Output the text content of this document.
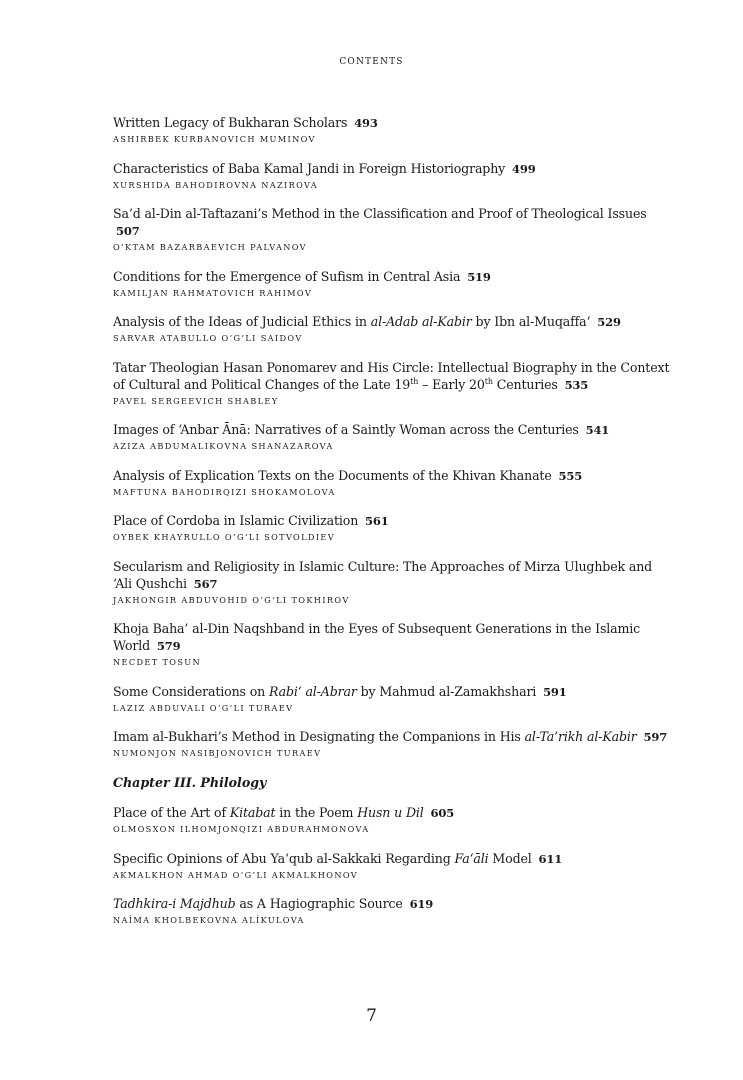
CONTENTS
Written Legacy of Bukharan Scholars 493
ASHIRBEK KURBANOVICH MUMINOV
Characteristics of Baba Kamal Jandi in Foreign Historiography 499
XURSHIDA BAHODIROVNA NAZIROVA
Sa’d al-Din al-Taftazani’s Method in the Classification and Proof of Theological Issues 507
O’KTAM BAZARBAEVICH PALVANOV
Conditions for the Emergence of Sufism in Central Asia 519
KAMILJAN RAHMATOVICH RAHIMOV
Analysis of the Ideas of Judicial Ethics in al-Adab al-Kabir by Ibn al-Muqaffa‘ 529
SARVAR ATABULLO O’G’LI SAIDOV
Tatar Theologian Hasan Ponomarev and His Circle: Intellectual Biography in the Context of Cultural and Political Changes of the Late 19th – Early 20th Centuries 535
PAVEL SERGEEVICH SHABLEY
Images of ‘Anbar Ānā: Narratives of a Saintly Woman across the Centuries 541
AZIZA ABDUMALIKOVNA SHANAZAROVA
Analysis of Explication Texts on the Documents of the Khivan Khanate 555
MAFTUNA BAHODIRQIZI SHOKAMOLOVA
Place of Cordoba in Islamic Civilization 561
OYBEK KHAYRULLO O’G’LI SOTVOLDIEV
Secularism and Religiosity in Islamic Culture: The Approaches of Mirza Ulughbek and ‘Ali Qushchi 567
JAKHONGIR ABDUVOHID O’G’LI TOKHIROV
Khoja Baha’ al-Din Naqshband in the Eyes of Subsequent Generations in the Islamic World 579
NECDET TOSUN
Some Considerations on Rabi‘ al-Abrar by Mahmud al-Zamakhshari 591
LAZIZ ABDUVALI O’G’LI TURAEV
Imam al-Bukhari’s Method in Designating the Companions in His al-Ta’rikh al-Kabir 597
NUMONJON NASIBJONOVICH TURAEV
Chapter III. Philology
Place of the Art of Kitabat in the Poem Husn u Dil 605
OLMOSXON ILHOMJONQIZI ABDURAHMONOVA
Specific Opinions of Abu Ya‘qub al-Sakkaki Regarding Fa‘āli Model 611
AKMALKHON AHMAD O’G’LI AKMALKHONOV
Tadhkira-i Majdhub as A Hagiographic Source 619
NAİMA KHOLBEKOVNA ALİKULOVA
7
